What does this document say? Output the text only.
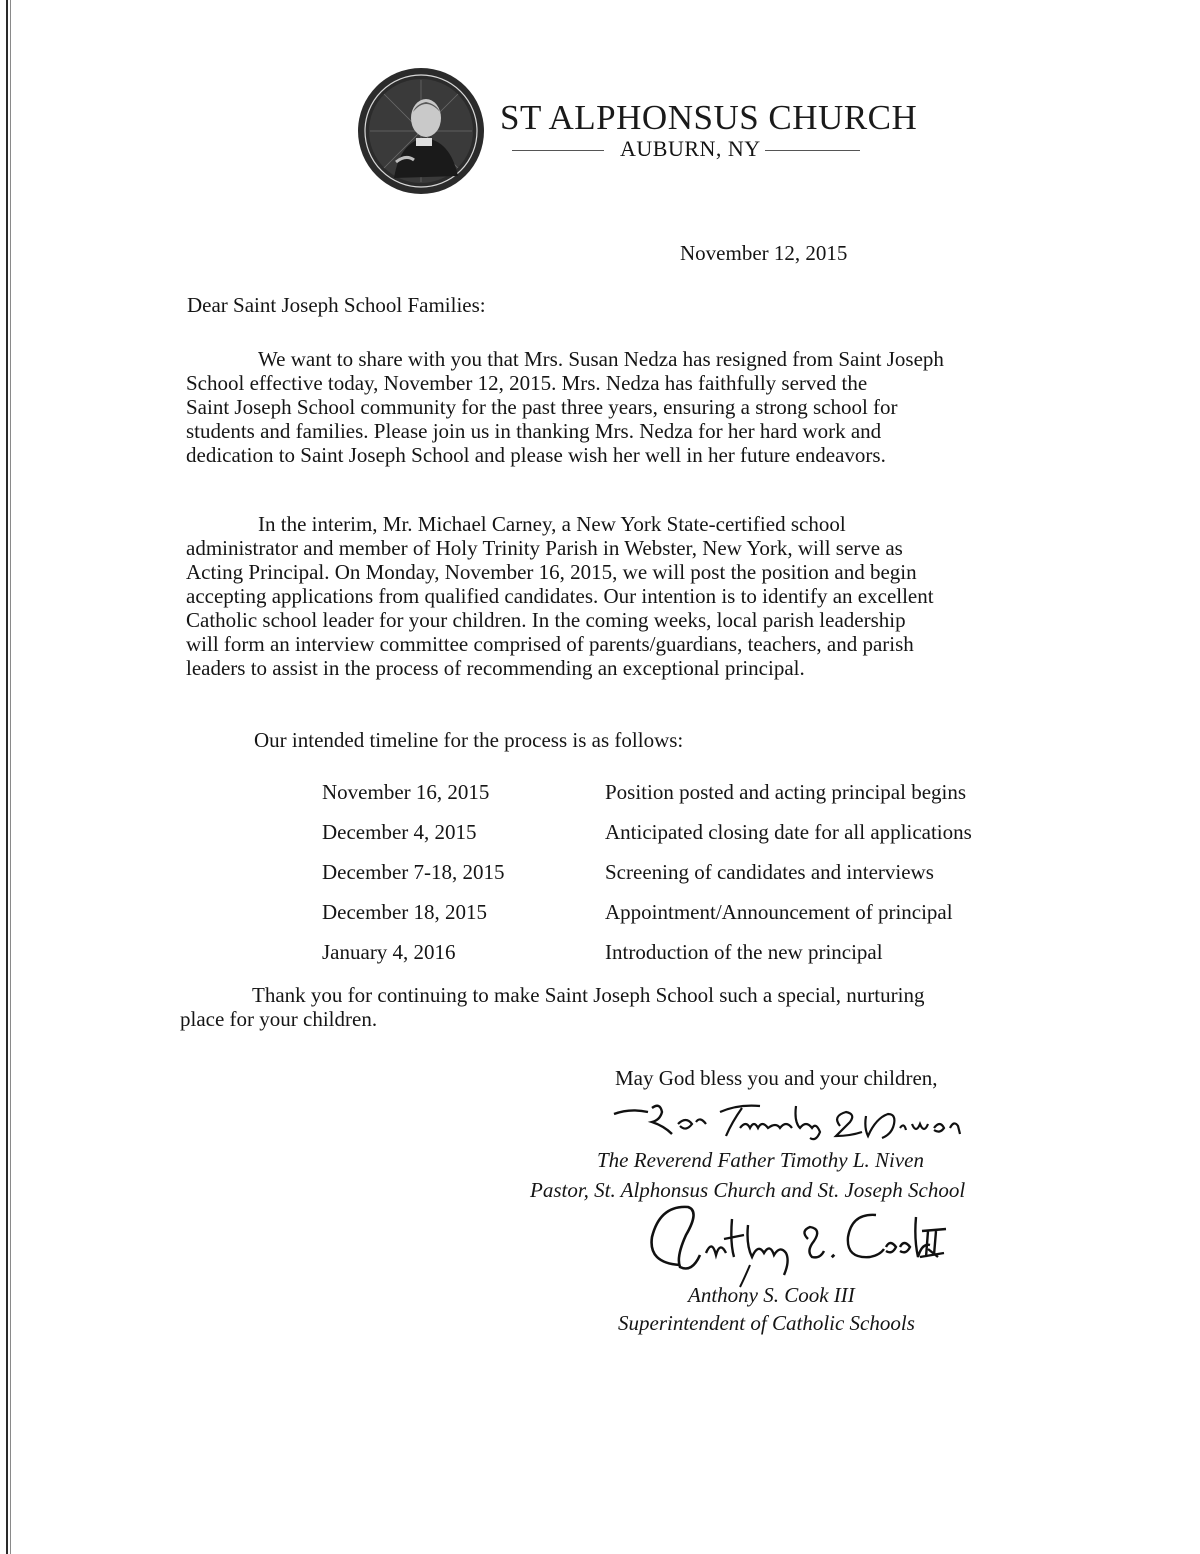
ST ALPHONSUS CHURCH
AUBURN, NY
November 12, 2015
Dear Saint Joseph School Families:
We want to share with you that Mrs. Susan Nedza has resigned from Saint Joseph
School effective today, November 12, 2015. Mrs. Nedza has faithfully served the
Saint Joseph School community for the past three years, ensuring a strong school for
students and families. Please join us in thanking Mrs. Nedza for her hard work and
dedication to Saint Joseph School and please wish her well in her future endeavors.
In the interim, Mr. Michael Carney, a New York State-certified school
administrator and member of Holy Trinity Parish in Webster, New York, will serve as
Acting Principal. On Monday, November 16, 2015, we will post the position and begin
accepting applications from qualified candidates. Our intention is to identify an excellent
Catholic school leader for your children. In the coming weeks, local parish leadership
will form an interview committee comprised of parents/guardians, teachers, and parish
leaders to assist in the process of recommending an exceptional principal.
Our intended timeline for the process is as follows:
November 16, 2015	Position posted and acting principal begins
December 4, 2015	Anticipated closing date for all applications
December 7-18, 2015	Screening of candidates and interviews
December 18, 2015	Appointment/Announcement of principal
January 4, 2016	Introduction of the new principal
Thank you for continuing to make Saint Joseph School such a special, nurturing
place for your children.
May God bless you and your children,
The Reverend Father Timothy L. Niven
Pastor, St. Alphonsus Church and St. Joseph School
Anthony S. Cook III
Superintendent of Catholic Schools
